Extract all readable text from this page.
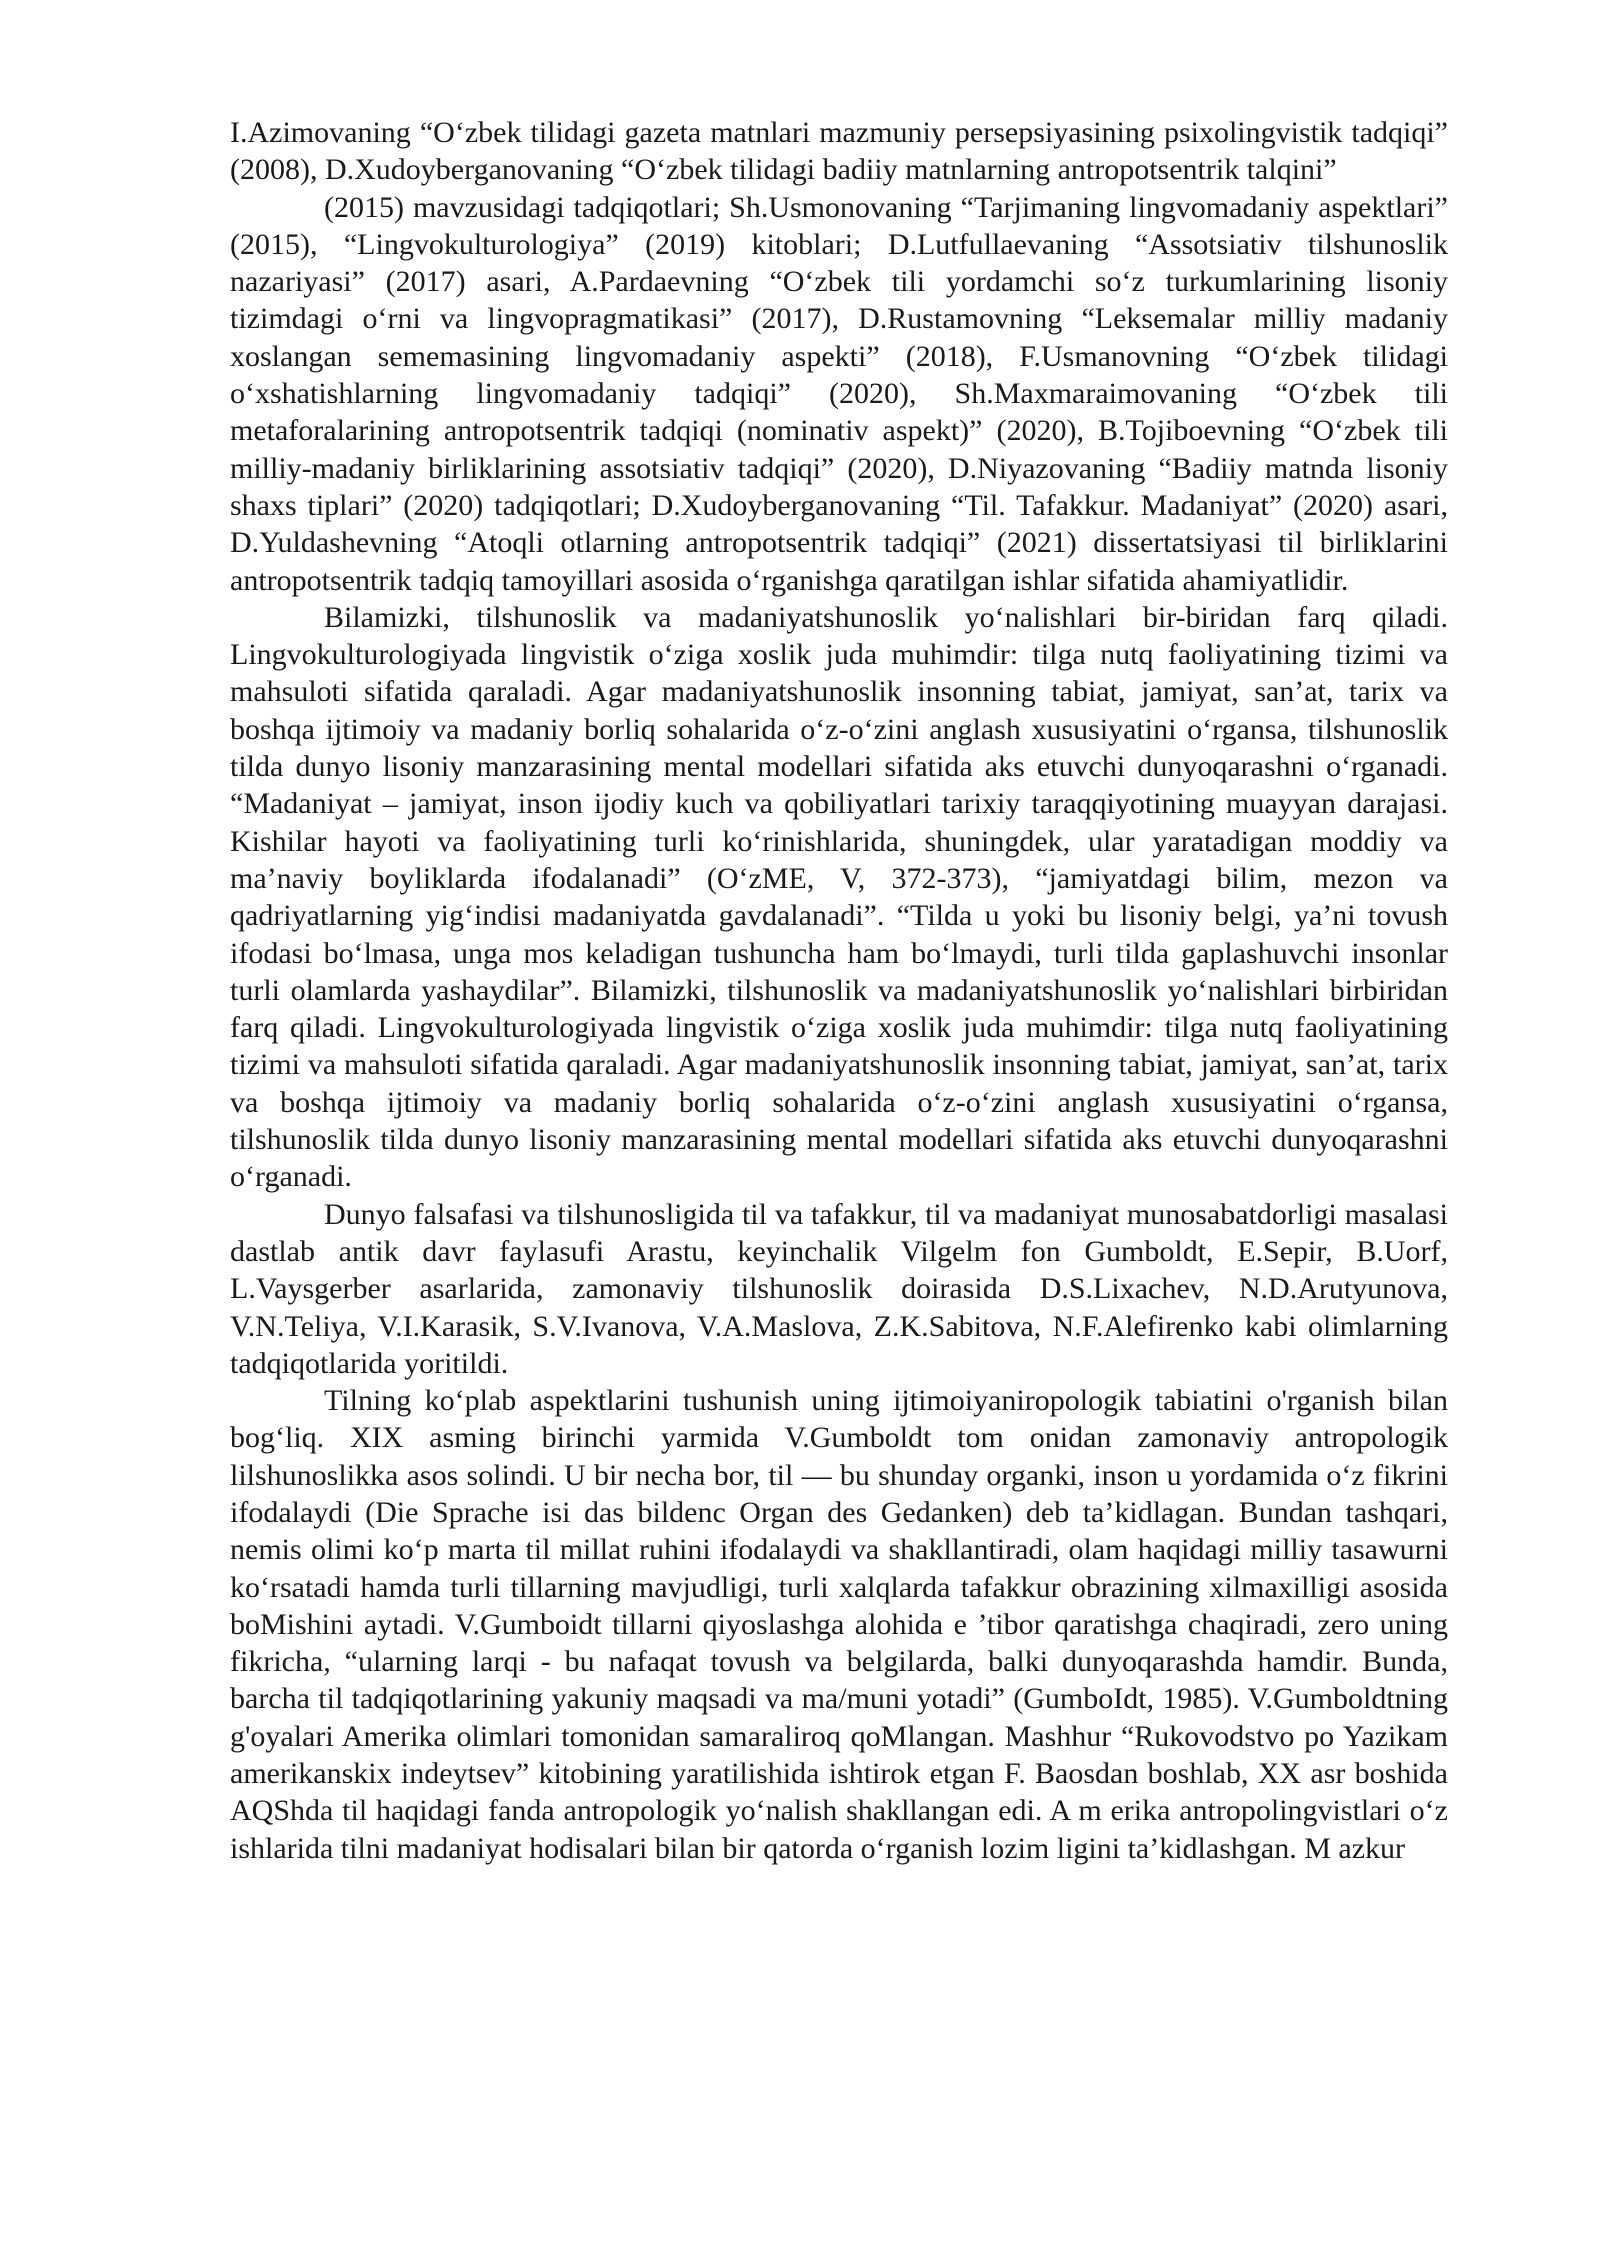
I.Azimovaning “O‘zbek tilidagi gazeta matnlari mazmuniy persepsiyasining psixolingvistik tadqiqi” (2008), D.Xudoyberganovaning “O‘zbek tilidagi badiiy matnlarning antropotsentrik talqini”

(2015) mavzusidagi tadqiqotlari; Sh.Usmonovaning “Tarjimaning lingvomadaniy aspektlari” (2015), “Lingvokulturologiya” (2019) kitoblari; D.Lutfullaevaning “Assotsiativ tilshunoslik nazariyasi” (2017) asari, A.Pardaevning “O‘zbek tili yordamchi so‘z turkumlarining lisoniy tizimdagi o‘rni va lingvopragmatikasi” (2017), D.Rustamovning “Leksemalar milliy madaniy xoslangan sememasining lingvomadaniy aspekti” (2018), F.Usmanovning “O‘zbek tilidagi o‘xshatishlarning lingvomadaniy tadqiqi” (2020), Sh.Maxmaraimovaning “O‘zbek tili metaforalarining antropotsentrik tadqiqi (nominativ aspekt)” (2020), B.Tojiboevning “O‘zbek tili milliy-madaniy birliklarining assotsiativ tadqiqi” (2020), D.Niyazovaning “Badiiy matnda lisoniy shaxs tiplari” (2020) tadqiqotlari; D.Xudoyberganovaning “Til. Tafakkur. Madaniyat” (2020) asari, D.Yuldashevning “Atoqli otlarning antropotsentrik tadqiqi” (2021) dissertatsiyasi til birliklarini antropotsentrik tadqiq tamoyillari asosida o‘rganishga qaratilgan ishlar sifatida ahamiyatlidir.

Bilamizki, tilshunoslik va madaniyatshunoslik yo‘nalishlari bir-biridan farq qiladi. Lingvokulturologiyada lingvistik o‘ziga xoslik juda muhimdir: tilga nutq faoliyatining tizimi va mahsuloti sifatida qaraladi. Agar madaniyatshunoslik insonning tabiat, jamiyat, san’at, tarix va boshqa ijtimoiy va madaniy borliq sohalarida o‘z-o‘zini anglash xususiyatini o‘rgansa, tilshunoslik tilda dunyo lisoniy manzarasining mental modellari sifatida aks etuvchi dunyoqarashni o‘rganadi. “Madaniyat – jamiyat, inson ijodiy kuch va qobiliyatlari tarixiy taraqqiyotining muayyan darajasi. Kishilar hayoti va faoliyatining turli ko‘rinishlarida, shuningdek, ular yaratadigan moddiy va ma’naviy boyliklarda ifodalanadi” (O‘zME, V, 372-373), “jamiyatdagi bilim, mezon va qadriyatlarning yig‘indisi madaniyatda gavdalanadi”. “Tilda u yoki bu lisoniy belgi, ya’ni tovush ifodasi bo‘lmasa, unga mos keladigan tushuncha ham bo‘lmaydi, turli tilda gaplashuvchi insonlar turli olamlarda yashaydilar”. Bilamizki, tilshunoslik va madaniyatshunoslik yo‘nalishlari birbiridan farq qiladi. Lingvokulturologiyada lingvistik o‘ziga xoslik juda muhimdir: tilga nutq faoliyatining tizimi va mahsuloti sifatida qaraladi. Agar madaniyatshunoslik insonning tabiat, jamiyat, san’at, tarix va boshqa ijtimoiy va madaniy borliq sohalarida o‘z-o‘zini anglash xususiyatini o‘rgansa, tilshunoslik tilda dunyo lisoniy manzarasining mental modellari sifatida aks etuvchi dunyoqarashni o‘rganadi.

Dunyo falsafasi va tilshunosligida til va tafakkur, til va madaniyat munosabatdorligi masalasi dastlab antik davr faylasufi Arastu, keyinchalik Vilgelm fon Gumboldt, E.Sepir, B.Uorf, L.Vaysgerber asarlarida, zamonaviy tilshunoslik doirasida D.S.Lixachev, N.D.Arutyunova, V.N.Teliya, V.I.Karasik, S.V.Ivanova, V.A.Maslova, Z.K.Sabitova, N.F.Alefirenko kabi olimlarning tadqiqotlarida yoritildi.

Tilning ko‘plab aspektlarini tushunish uning ijtimoiyaniropologik tabiatini o'rganish bilan bog‘liq. XIX asming birinchi yarmida V.Gumboldt tom onidan zamonaviy antropologik lilshunoslikka asos solindi. U bir necha bor, til — bu shunday organki, inson u yordamida o‘z fikrini ifodalaydi (Die Sprache isi das bildenc Organ des Gedanken) deb ta’kidlagan. Bundan tashqari, nemis olimi ko‘p marta til millat ruhini ifodalaydi va shakllantiradi, olam haqidagi milliy tasawurni ko‘rsatadi hamda turli tillarning mavjudligi, turli xalqlarda tafakkur obrazining xilmaxilligi asosida boMishini aytadi. V.Gumboidt tillarni qiyoslashga alohida e ’tibor qaratishga chaqiradi, zero uning fikricha, “ularning larqi - bu nafaqat tovush va belgilarda, balki dunyoqarashda hamdir. Bunda, barcha til tadqiqotlarining yakuniy maqsadi va ma/muni yotadi” (GumboIdt, 1985). V.Gumboldtning g'oyalari Amerika olimlari tomonidan samaraliroq qoMlangan. Mashhur “Rukovodstvo po Yazikam amerikanskix indeytsev” kitobining yaratilishida ishtirok etgan F. Baosdan boshlab, XX asr boshida AQShda til haqidagi fanda antropologik yo‘nalish shakllangan edi. A m erika antropolingvistlari o‘z ishlarida tilni madaniyat hodisalari bilan bir qatorda o‘rganish lozim ligini ta’kidlashgan. M azkur
